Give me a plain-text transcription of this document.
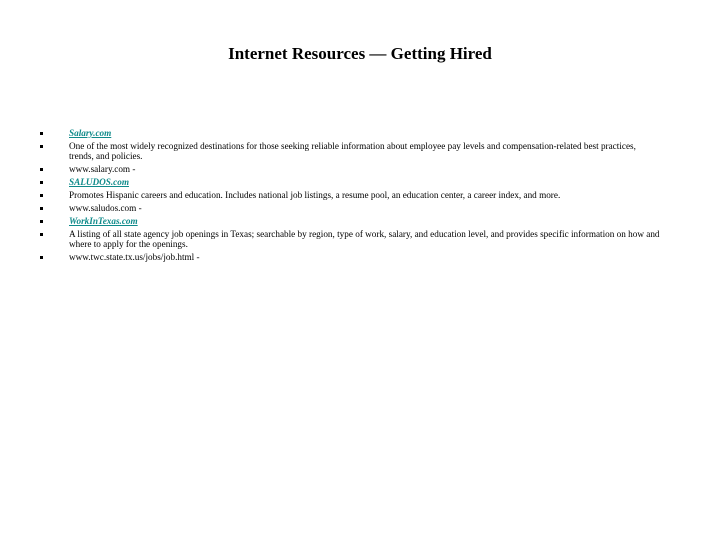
Internet Resources — Getting Hired
Salary.com
One of the most widely recognized destinations for those seeking reliable information about employee pay levels and compensation-related best practices, trends, and policies.
www.salary.com -
SALUDOS.com
Promotes Hispanic careers and education. Includes national job listings, a resume pool, an education center, a career index, and more.
www.saludos.com -
WorkInTexas.com
A listing of all state agency job openings in Texas; searchable by region, type of work, salary, and education level, and provides specific information on how and where to apply for the openings.
www.twc.state.tx.us/jobs/job.html -
